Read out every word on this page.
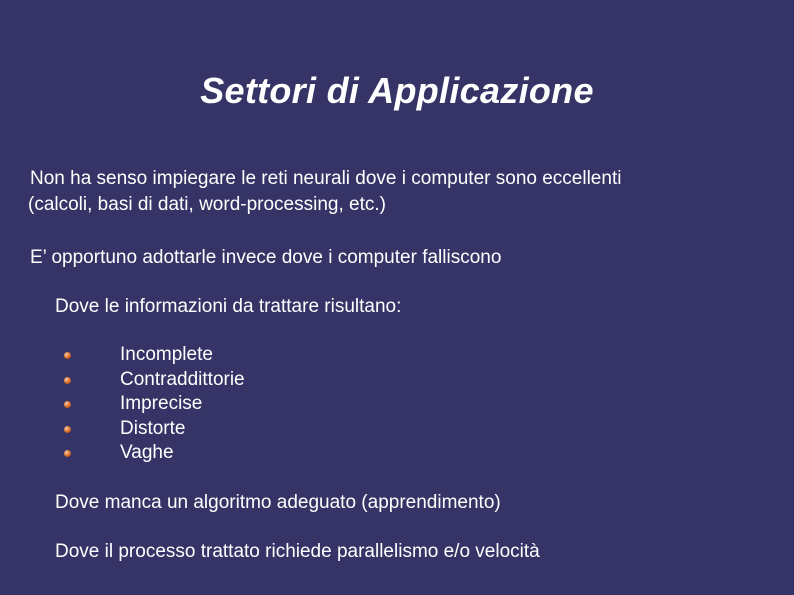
Settori di Applicazione

Non ha senso impiegare le reti neurali dove i computer sono eccellenti
(calcoli, basi di dati, word-processing, etc.)

E’ opportuno adottarle invece dove i computer falliscono

Dove le informazioni da trattare risultano:

Incomplete
Contraddittorie
Imprecise
Distorte
Vaghe

Dove manca un algoritmo adeguato (apprendimento)

Dove il processo trattato richiede parallelismo e/o velocità
